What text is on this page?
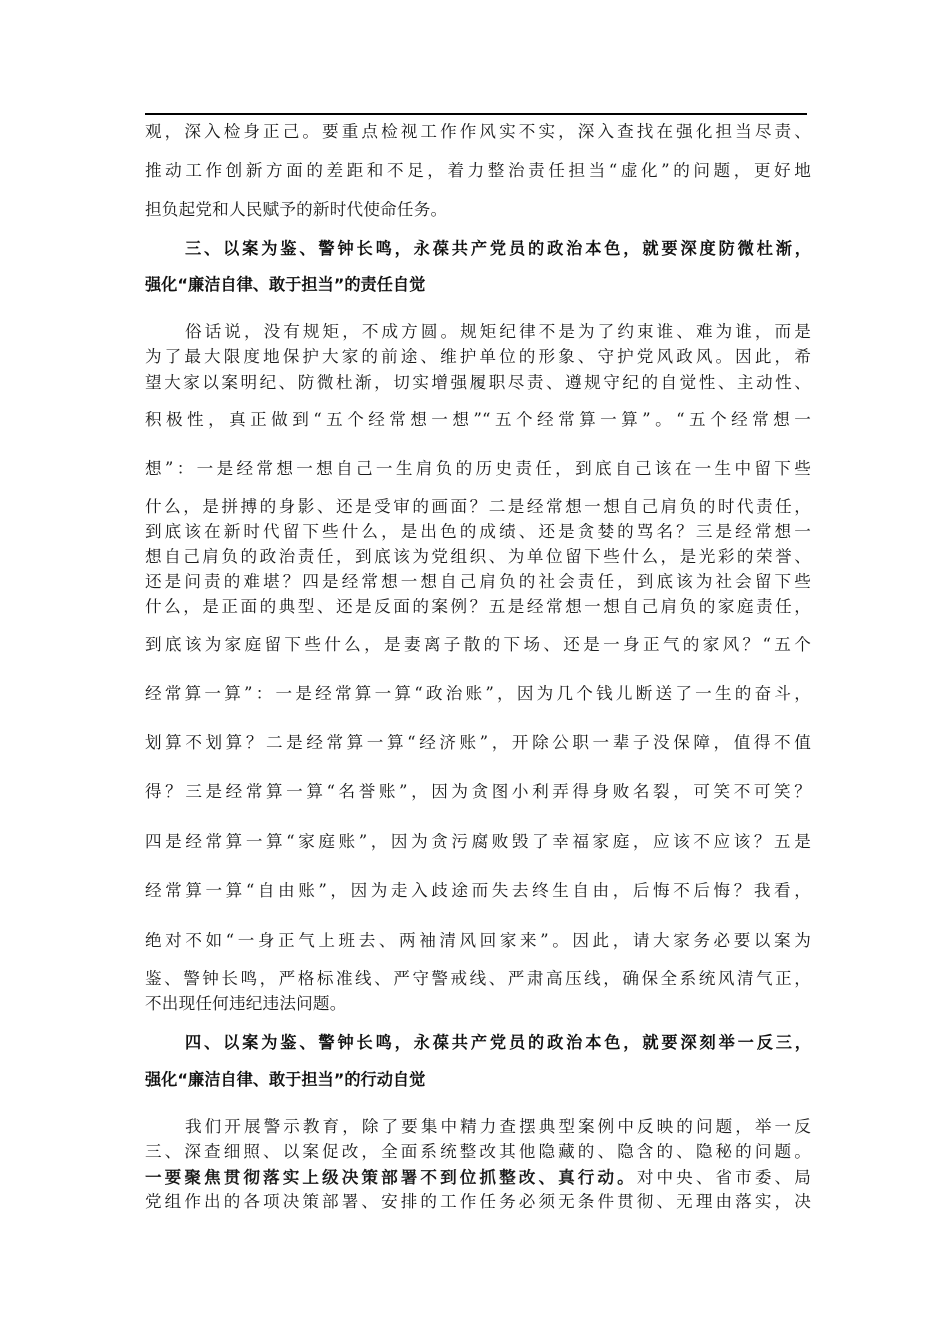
观，深入检身正己。要重点检视工作作风实不实，深入查找在强化担当尽责、
推动工作创新方面的差距和不足，着力整治责任担当“虚化”的问题，更好地
担负起党和人民赋予的新时代使命任务。
三、以案为鉴、警钟长鸣，永葆共产党员的政治本色，就要深度防微杜渐，
强化“廉洁自律、敢于担当”的责任自觉
俗话说，没有规矩，不成方圆。规矩纪律不是为了约束谁、难为谁，而是
为了最大限度地保护大家的前途、维护单位的形象、守护党风政风。因此，希
望大家以案明纪、防微杜渐，切实增强履职尽责、遵规守纪的自觉性、主动性、
积极性，真正做到“五个经常想一想”“五个经常算一算”。“五个经常想一
想”：一是经常想一想自己一生肩负的历史责任，到底自己该在一生中留下些
什么，是拼搏的身影、还是受审的画面？二是经常想一想自己肩负的时代责任，
到底该在新时代留下些什么，是出色的成绩、还是贪婪的骂名？三是经常想一
想自己肩负的政治责任，到底该为党组织、为单位留下些什么，是光彩的荣誉、
还是问责的难堪？四是经常想一想自己肩负的社会责任，到底该为社会留下些
什么，是正面的典型、还是反面的案例？五是经常想一想自己肩负的家庭责任，
到底该为家庭留下些什么，是妻离子散的下场、还是一身正气的家风？“五个
经常算一算”：一是经常算一算“政治账”，因为几个钱儿断送了一生的奋斗，
划算不划算？二是经常算一算“经济账”，开除公职一辈子没保障，值得不值
得？三是经常算一算“名誉账”，因为贪图小利弄得身败名裂，可笑不可笑？
四是经常算一算“家庭账”，因为贪污腐败毁了幸福家庭，应该不应该？五是
经常算一算“自由账”，因为走入歧途而失去终生自由，后悔不后悔？我看，
绝对不如“一身正气上班去、两袖清风回家来”。因此，请大家务必要以案为
鉴、警钟长鸣，严格标准线、严守警戒线、严肃高压线，确保全系统风清气正，
不出现任何违纪违法问题。
四、以案为鉴、警钟长鸣，永葆共产党员的政治本色，就要深刻举一反三，
强化“廉洁自律、敢于担当”的行动自觉
我们开展警示教育，除了要集中精力查摆典型案例中反映的问题，举一反
三、深查细照、以案促改，全面系统整改其他隐藏的、隐含的、隐秘的问题。
一要聚焦贯彻落实上级决策部署不到位抓整改、真行动。对中央、省市委、局
党组作出的各项决策部署、安排的工作任务必须无条件贯彻、无理由落实，决
